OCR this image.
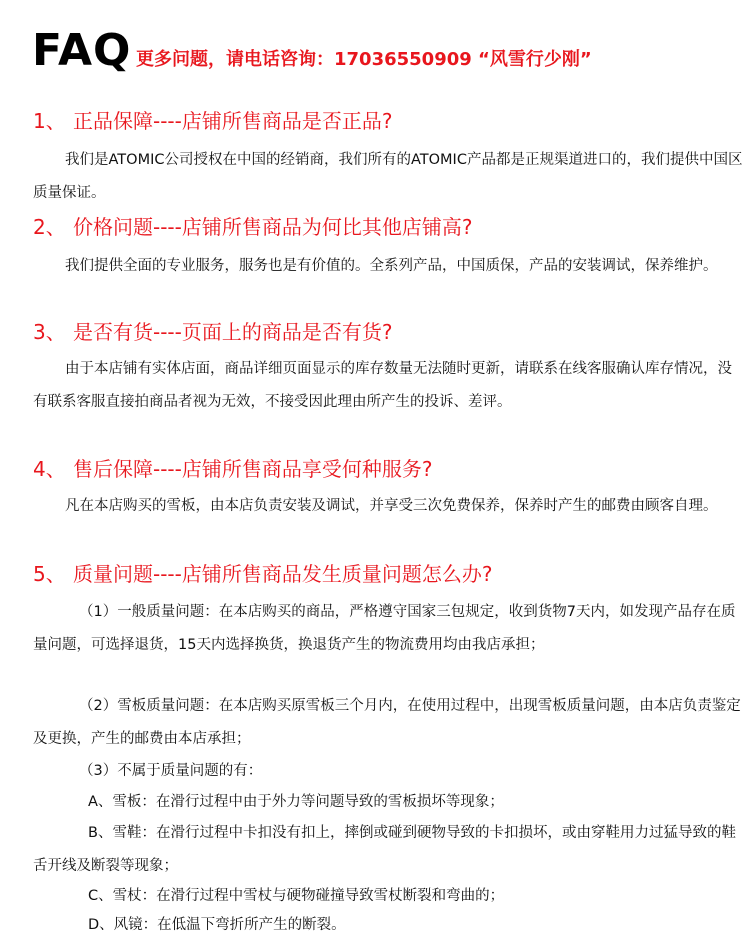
FAQ 更多问题，请电话咨询：17036550909 “风雪行少刚”
1、 正品保障----店铺所售商品是否正品?

我们是ATOMIC公司授权在中国的经销商，我们所有的ATOMIC产品都是正规渠道进口的，我们提供中国区质量保证。

2、 价格问题----店铺所售商品为何比其他店铺高?

我们提供全面的专业服务，服务也是有价值的。全系列产品，中国质保，产品的安装调试，保养维护。

3、 是否有货----页面上的商品是否有货?

由于本店铺有实体店面，商品详细页面显示的库存数量无法随时更新，请联系在线客服确认库存情况，没有联系客服直接拍商品者视为无效，不接受因此理由所产生的投诉、差评。

4、 售后保障----店铺所售商品享受何种服务?

凡在本店购买的雪板，由本店负责安装及调试，并享受三次免费保养，保养时产生的邮费由顾客自理。

5、 质量问题----店铺所售商品发生质量问题怎么办?

（1）一般质量问题：在本店购买的商品，严格遵守国家三包规定，收到货物7天内，如发现产品存在质量问题，可选择退货，15天内选择换货，换退货产生的物流费用均由我店承担；

（2）雪板质量问题：在本店购买原雪板三个月内，在使用过程中，出现雪板质量问题，由本店负责鉴定及更换，产生的邮费由本店承担；

（3）不属于质量问题的有：
A、雪板：在滑行过程中由于外力等问题导致的雪板损坏等现象；

B、雪鞋：在滑行过程中卡扣没有扣上，摔倒或碰到硬物导致的卡扣损坏，或由穿鞋用力过猛导致的鞋舌开线及断裂等现象；

C、雪杖：在滑行过程中雪杖与硬物碰撞导致雪杖断裂和弯曲的；
D、风镜：在低温下弯折所产生的断裂。
